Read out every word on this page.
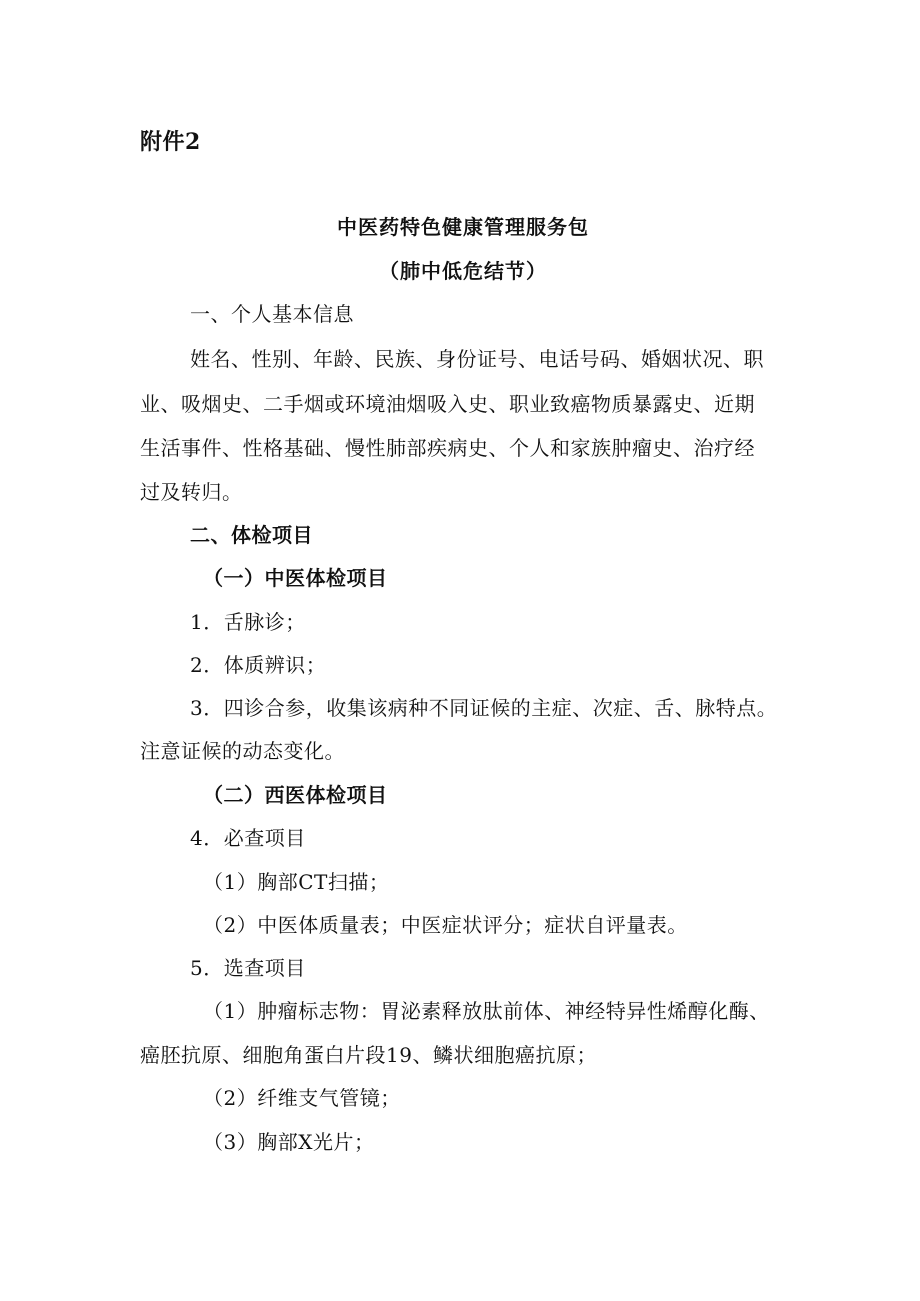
附件2
中医药特色健康管理服务包
（肺中低危结节）
一、个人基本信息
姓名、性别、年龄、民族、身份证号、电话号码、婚姻状况、职
业、吸烟史、二手烟或环境油烟吸入史、职业致癌物质暴露史、近期
生活事件、性格基础、慢性肺部疾病史、个人和家族肿瘤史、治疗经
过及转归。
二、体检项目
（一）中医体检项目
1．舌脉诊；
2．体质辨识；
3．四诊合参，收集该病种不同证候的主症、次症、舌、脉特点。
注意证候的动态变化。
（二）西医体检项目
4．必查项目
（1）胸部CT扫描；
（2）中医体质量表；中医症状评分；症状自评量表。
5．选查项目
（1）肿瘤标志物：胃泌素释放肽前体、神经特异性烯醇化酶、
癌胚抗原、细胞角蛋白片段19、鳞状细胞癌抗原；
（2）纤维支气管镜；
（3）胸部X光片；
